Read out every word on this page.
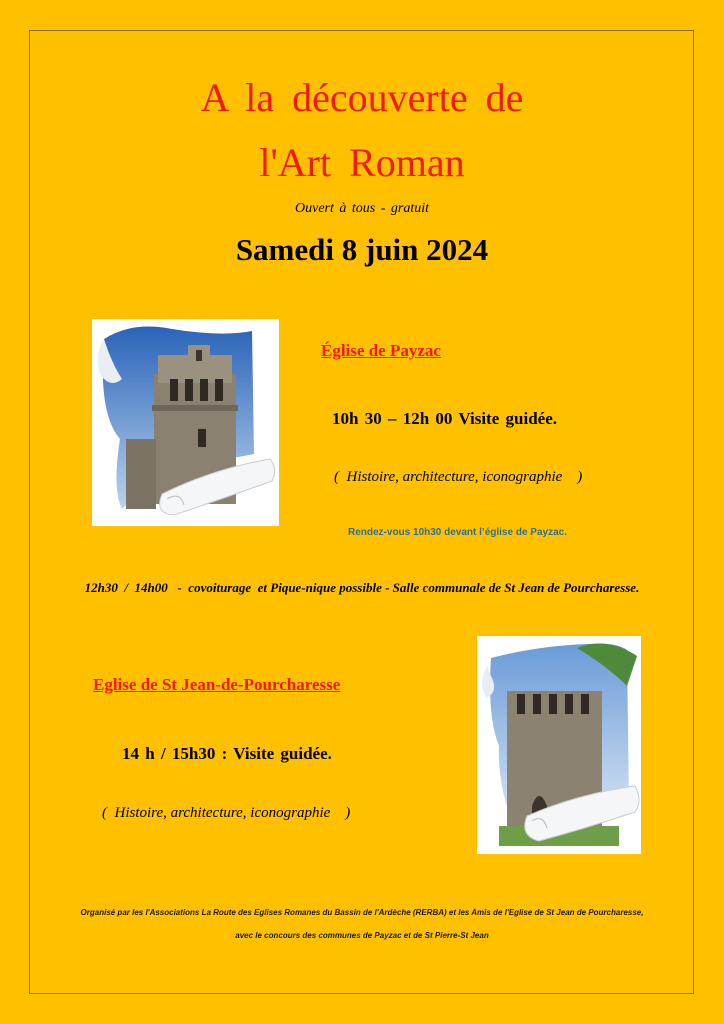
A la découverte de
l'Art Roman
Ouvert à tous - gratuit
Samedi 8 juin 2024
Église de Payzac
10h 30 – 12h 00 Visite guidée.
(  Histoire, architecture, iconographie    )
Rendez-vous 10h30 devant l’église de Payzac.
12h30  /  14h00   -  covoiturage  et Pique-nique possible - Salle communale de St Jean de Pourcharesse.
Eglise de St Jean-de-Pourcharesse
14 h / 15h30 : Visite guidée.
(  Histoire, architecture, iconographie    )
Organisé par les l'Associations La Route des Eglises Romanes du Bassin de l'Ardèche (RERBA) et les Amis de l'Eglise de St Jean de Pourcharesse,
avec le concours des communes de Payzac et de St Pierre-St Jean
